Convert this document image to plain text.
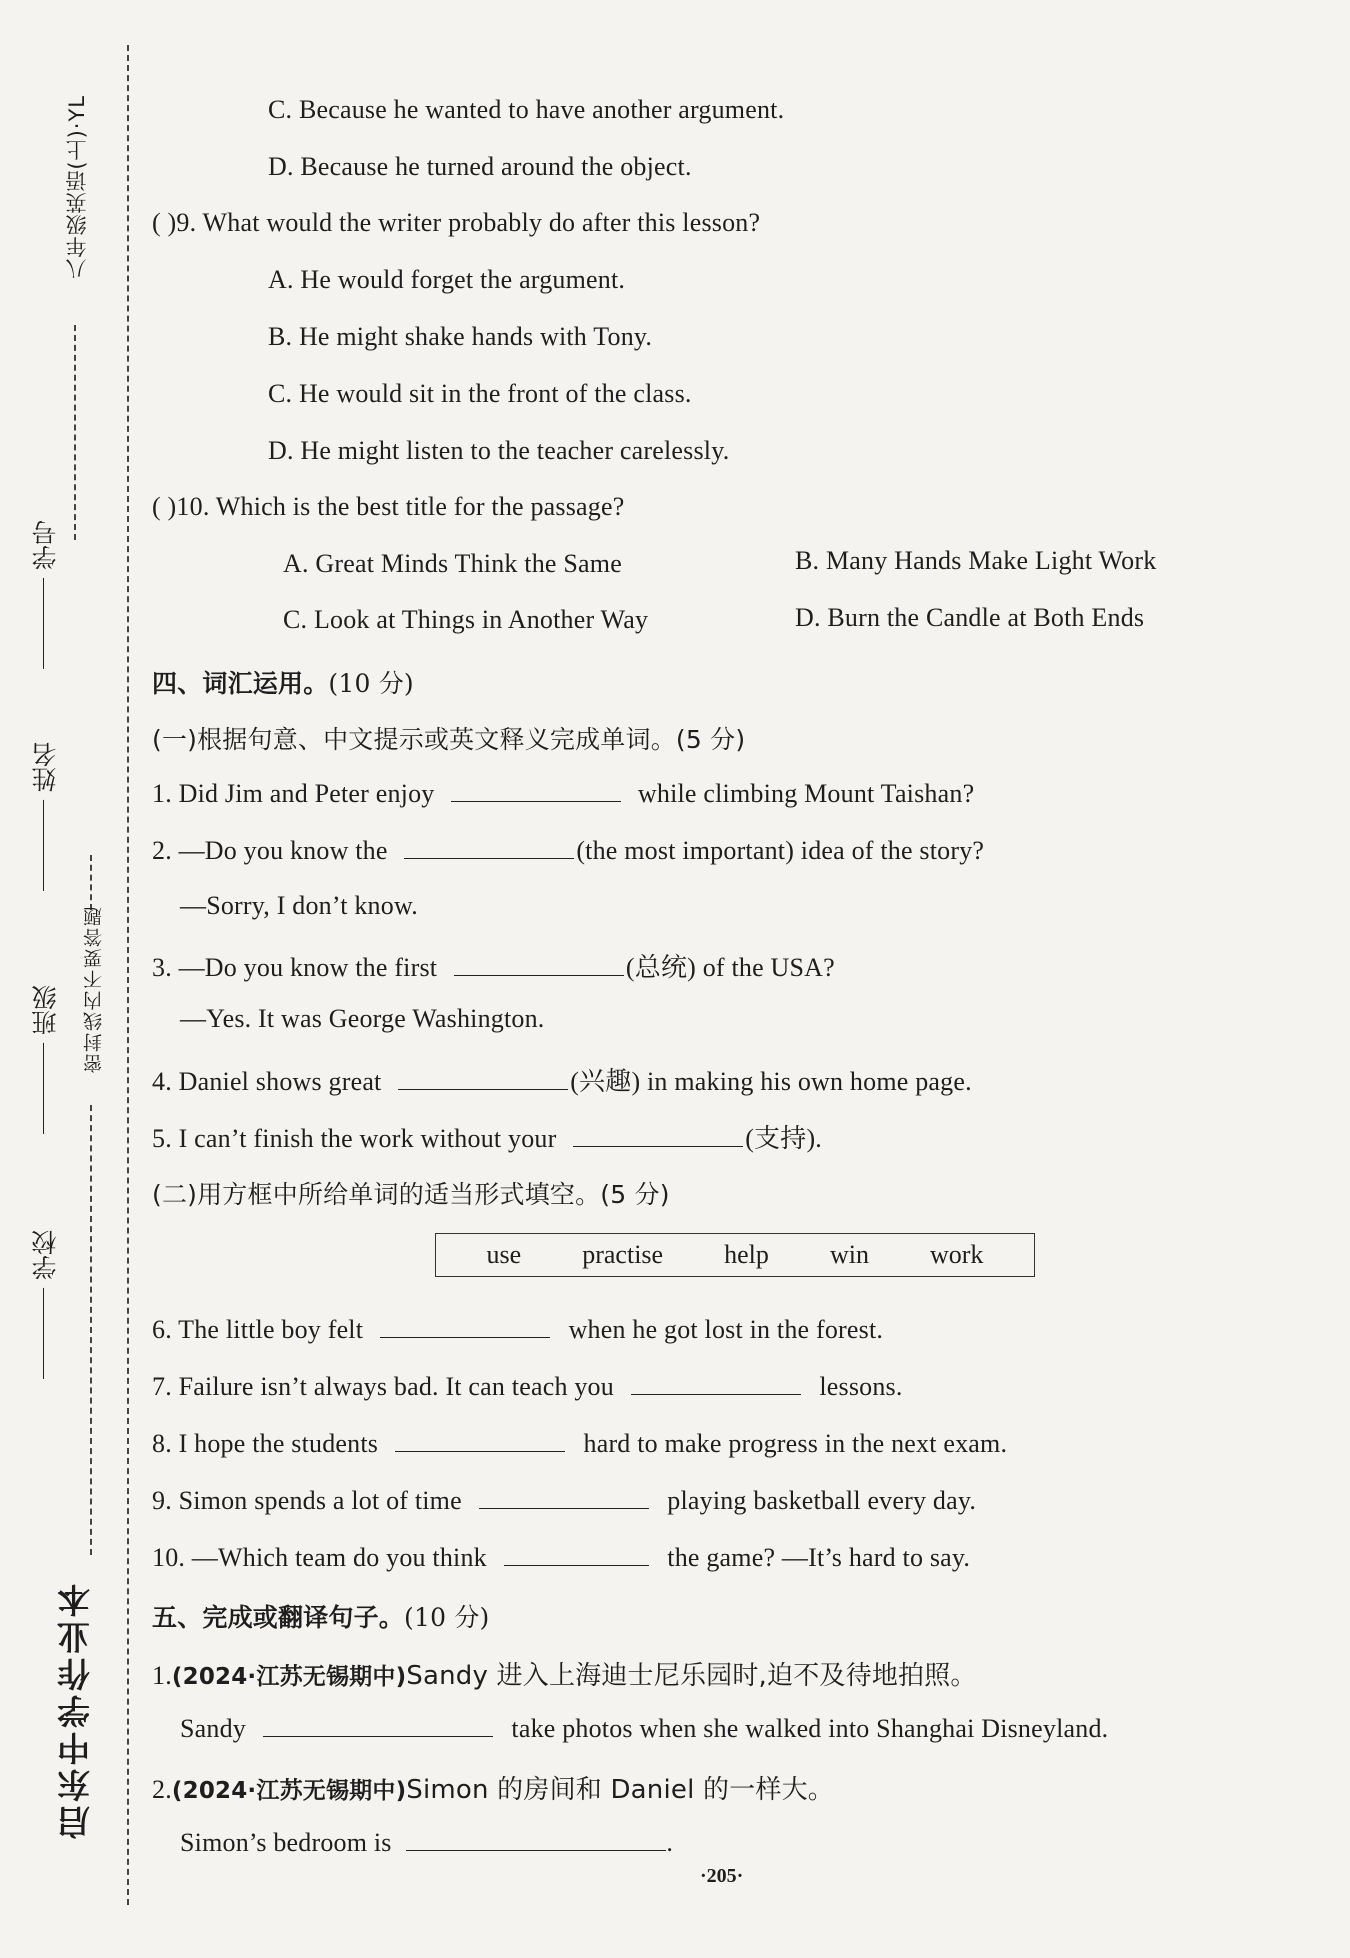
八年级英语(上)·YL
学号
姓名
班级
学校
密封线内不要答题
启东中学作业本
C. Because he wanted to have another argument.
D. Because he turned around the object.
( )9. What would the writer probably do after this lesson?
A. He would forget the argument.
B. He might shake hands with Tony.
C. He would sit in the front of the class.
D. He might listen to the teacher carelessly.
( )10. Which is the best title for the passage?
A. Great Minds Think the Same	B. Many Hands Make Light Work
C. Look at Things in Another Way	D. Burn the Candle at Both Ends
四、词汇运用。(10 分)
(一)根据句意、中文提示或英文释义完成单词。(5 分)
1. Did Jim and Peter enjoy	while climbing Mount Taishan?
2. —Do you know the	(the most important) idea of the story?
—Sorry, I don’t know.
3. —Do you know the first	(总统) of the USA?
—Yes. It was George Washington.
4. Daniel shows great	(兴趣) in making his own home page.
5. I can’t finish the work without your	(支持).
(二)用方框中所给单词的适当形式填空。(5 分)
use practise help win work
6. The little boy felt	when he got lost in the forest.
7. Failure isn’t always bad. It can teach you	lessons.
8. I hope the students	hard to make progress in the next exam.
9. Simon spends a lot of time	playing basketball every day.
10. —Which team do you think	the game? —It’s hard to say.
五、完成或翻译句子。(10 分)
1.(2024·江苏无锡期中)Sandy 进入上海迪士尼乐园时,迫不及待地拍照。
Sandy	take photos when she walked into Shanghai Disneyland.
2.(2024·江苏无锡期中)Simon 的房间和 Daniel 的一样大。
Simon’s bedroom is	.
·205·
